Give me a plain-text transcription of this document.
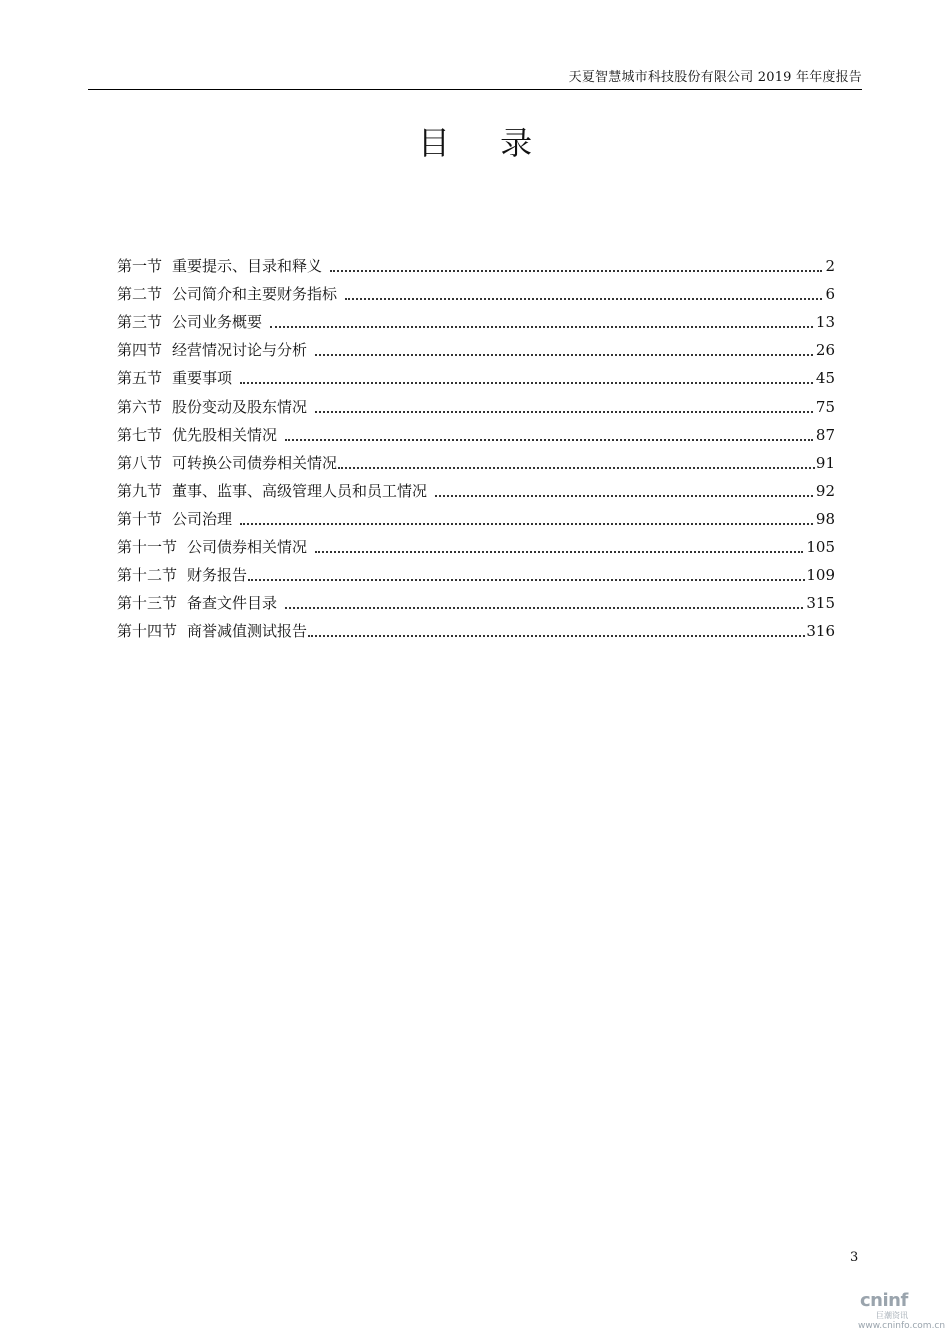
天夏智慧城市科技股份有限公司 2019 年年度报告
目 录
第一节 重要提示、目录和释义	2
第二节 公司简介和主要财务指标	6
第三节 公司业务概要	13
第四节 经营情况讨论与分析	26
第五节 重要事项	45
第六节 股份变动及股东情况	75
第七节 优先股相关情况	87
第八节 可转换公司债券相关情况	91
第九节 董事、监事、高级管理人员和员工情况	92
第十节 公司治理	98
第十一节 公司债券相关情况	105
第十二节 财务报告	109
第十三节 备查文件目录	315
第十四节 商誉减值测试报告	316
3
cninf
巨潮资讯
www.cninfo.com.cn
